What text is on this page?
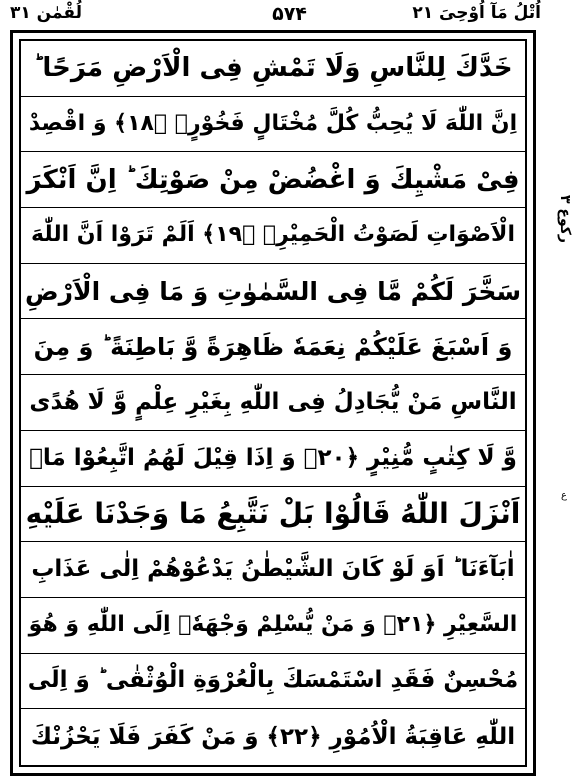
لُقْمٰن ۳۱	۵۷۴	اُتْلُ مَآ اُوْحِیَ ۲۱
خَدَّكَ لِلنَّاسِ وَلَا تَمْشِ فِی الْاَرْضِ مَرَحًا ؕ
اِنَّ اللّٰهَ لَا یُحِبُّ كُلَّ مُخْتَالٍ فَخُوْرٍۚ ﴿۱۸﴾ وَ اقْصِدْ
فِیْ مَشْیِكَ وَ اغْضُضْ مِنْ صَوْتِكَ ؕ اِنَّ اَنْكَرَ
الْاَصْوَاتِ لَصَوْتُ الْحَمِیْرِ۠ ﴿۱۹﴾ اَلَمْ تَرَوْا اَنَّ اللّٰهَ
سَخَّرَ لَكُمْ مَّا فِی السَّمٰوٰتِ وَ مَا فِی الْاَرْضِ
وَ اَسْبَغَ عَلَیْكُمْ نِعَمَهٗ ظَاهِرَةً وَّ بَاطِنَةً ؕ وَ مِنَ
النَّاسِ مَنْ یُّجَادِلُ فِی اللّٰهِ بِغَیْرِ عِلْمٍ وَّ لَا هُدًی
وَّ لَا كِتٰبٍ مُّنِیْرٍ ﴿۲۰﴾ وَ اِذَا قِیْلَ لَهُمُ اتَّبِعُوْا مَاۤ
اَنْزَلَ اللّٰهُ قَالُوْا بَلْ نَتَّبِعُ مَا وَجَدْنَا عَلَیْهِ
اٰبَآءَنَا ؕ اَوَ لَوْ كَانَ الشَّیْطٰنُ یَدْعُوْهُمْ اِلٰی عَذَابِ
السَّعِیْرِ ﴿۲۱﴾ وَ مَنْ یُّسْلِمْ وَجْهَهٗۤ اِلَی اللّٰهِ وَ هُوَ
مُحْسِنٌ فَقَدِ اسْتَمْسَكَ بِالْعُرْوَةِ الْوُثْقٰی ؕ وَ اِلَی
اللّٰهِ عَاقِبَةُ الْاُمُوْرِ ﴿۲۲﴾ وَ مَنْ كَفَرَ فَلَا یَحْزُنْكَ
رکوع ۳
ع
